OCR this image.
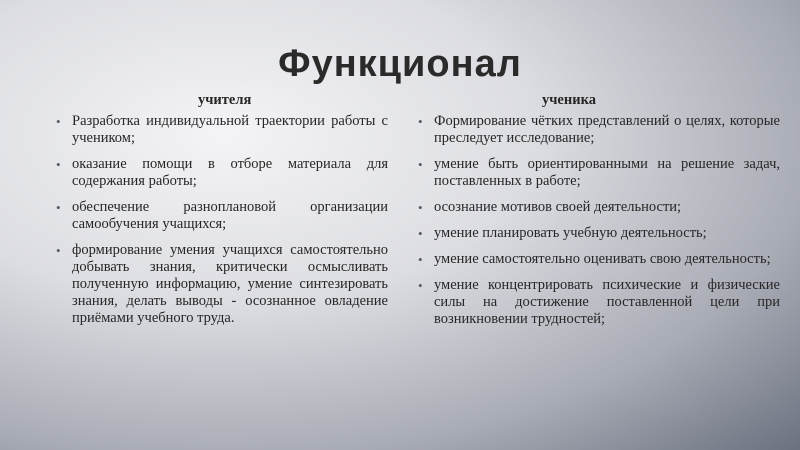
Функционал
учителя
• Разработка индивидуальной траектории работы с учеником;
• оказание помощи в отборе материала для содержания работы;
• обеспечение разноплановой организации самообучения учащихся;
• формирование умения учащихся самостоятельно добывать знания, критически осмысливать полученную информацию, умение синтезировать знания, делать выводы - осознанное овладение приёмами учебного труда.
ученика
• Формирование чётких представлений о целях, которые преследует исследование;
• умение быть ориентированными на решение задач, поставленных в работе;
• осознание мотивов своей деятельности;
• умение планировать учебную деятельность;
• умение самостоятельно оценивать свою деятельность;
• умение концентрировать психические и физические силы на достижение поставленной цели при возникновении трудностей;
